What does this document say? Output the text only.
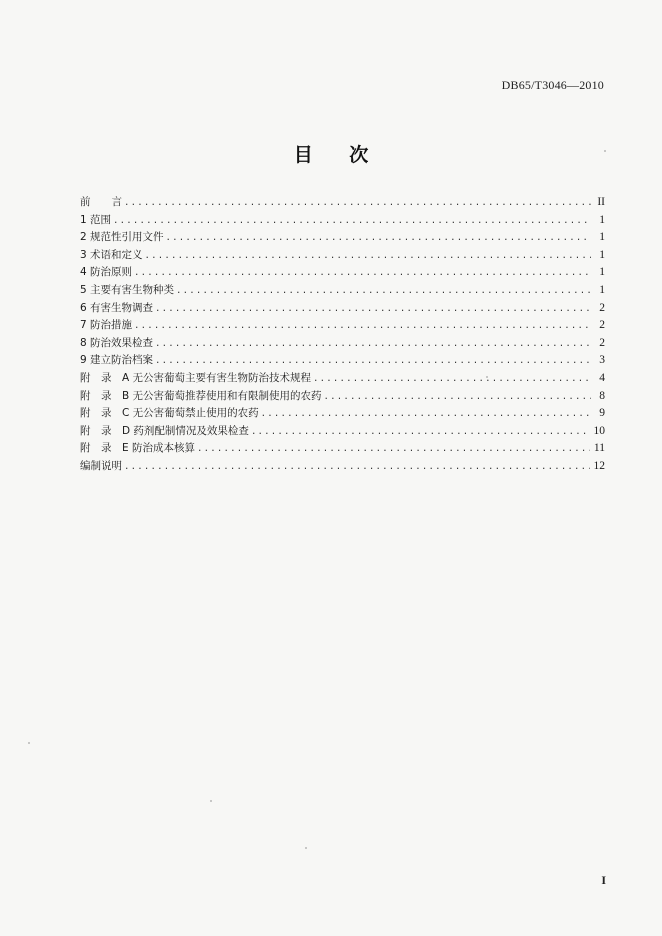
DB65/T3046—2010
目 次
前　　言 .....	II
1 范围 .....	1
2 规范性引用文件 .....	1
3 术语和定义 .....	1
4 防治原则 .....	1
5 主要有害生物种类 .....	1
6 有害生物调查 .....	2
7 防治措施 .....	2
8 防治效果检查 .....	2
9 建立防治档案 .....	3
附　录　A 无公害葡萄主要有害生物防治技术规程 .....	4
附　录　B 无公害葡萄推荐使用和有限制使用的农药 .....	8
附　录　C 无公害葡萄禁止使用的农药 .....	9
附　录　D 药剂配制情况及效果检查 .....	10
附　录　E 防治成本核算 .....	11
编制说明 .....	12
I
